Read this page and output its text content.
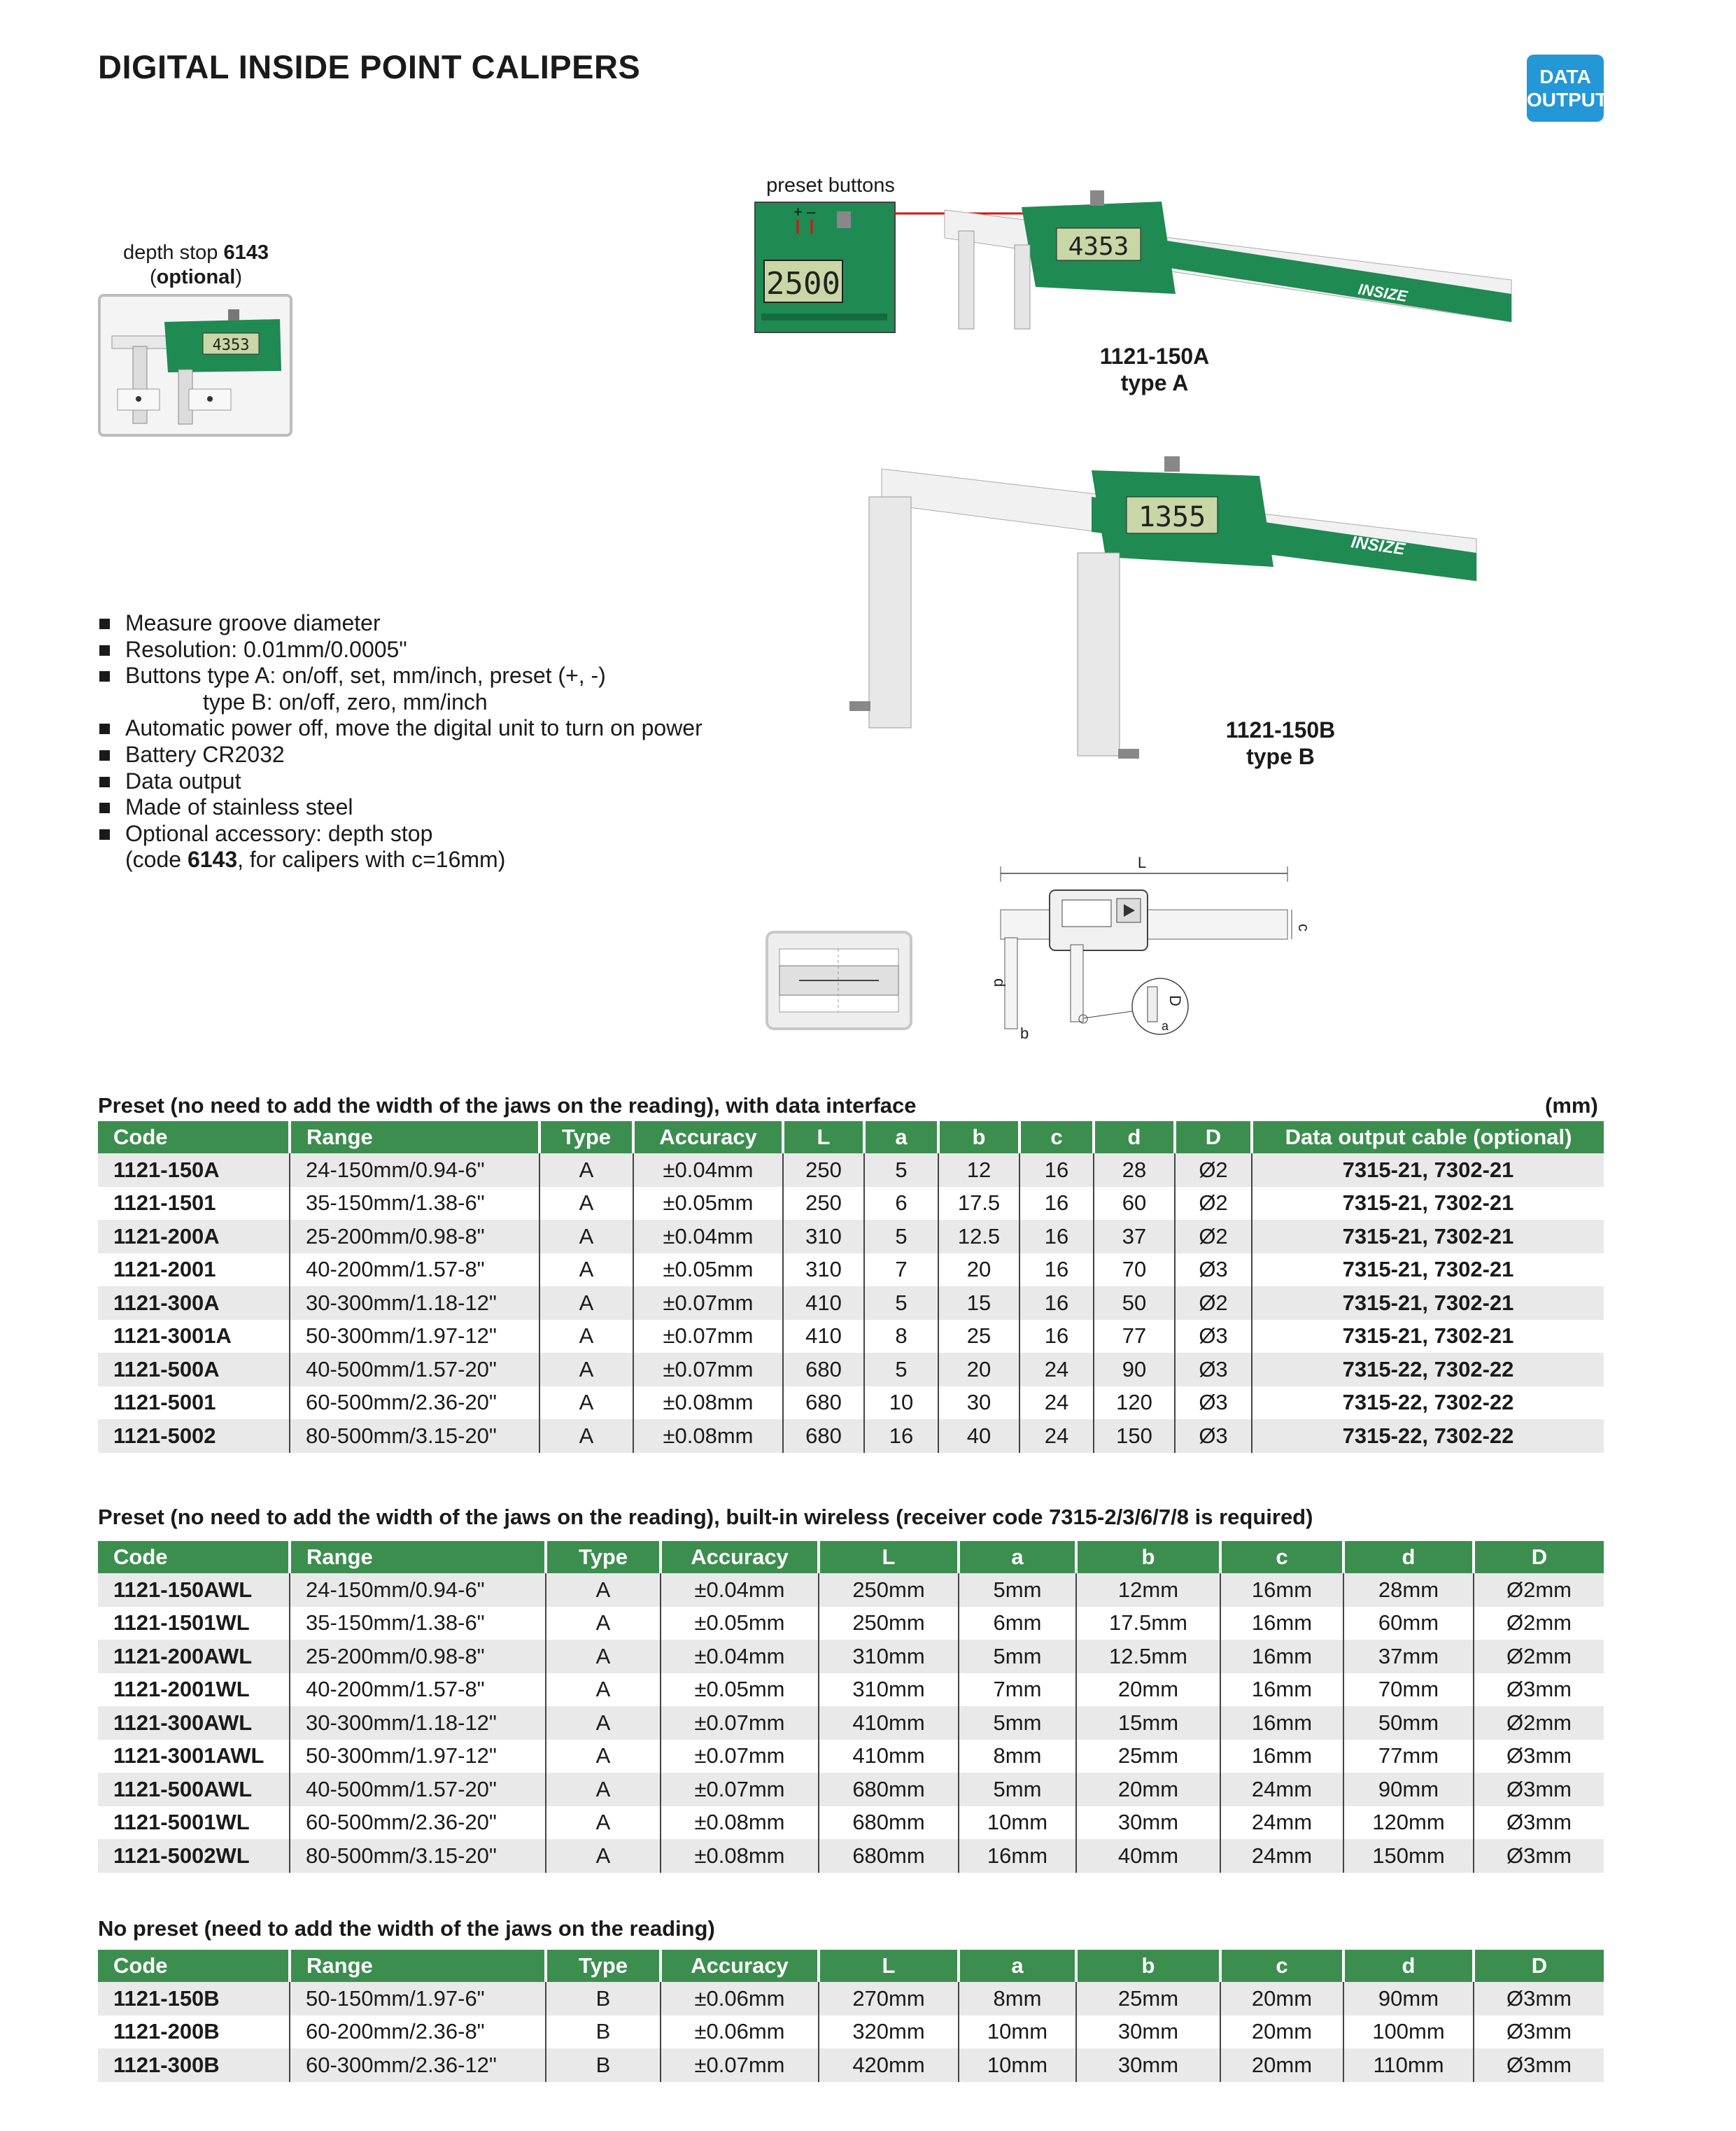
DIGITAL INSIDE POINT CALIPERS	DATA
OUTPUT
depth stop 6143
(optional)
4353
preset buttons
+ –
2500
4353
INSIZE
1121-150A
type A
1355
INSIZE
1121-150B
type B
Measure groove diameter
Resolution: 0.01mm/0.0005"
Buttons type A: on/off, set, mm/inch, preset (+, -)
type B: on/off, zero, mm/inch
Automatic power off, move the digital unit to turn on power
Battery CR2032
Data output
Made of stainless steel
Optional accessory: depth stop
(code
6143 , for calipers with c=16mm)	L
c
d
b
D
a
Preset (no need to add the width of the jaws on the reading), with data interface	(mm)
Code	Range	Type	Accuracy	L	a	b	c	d	D	Data output cable (optional)
1121-150A	24-150mm/0.94-6"	A	±0.04mm	250	5	12	16	28	Ø2	7315-21, 7302-21
1121-1501	35-150mm/1.38-6"	A	±0.05mm	250	6	17.5	16	60	Ø2	7315-21, 7302-21
1121-200A	25-200mm/0.98-8"	A	±0.04mm	310	5	12.5	16	37	Ø2	7315-21, 7302-21
1121-2001	40-200mm/1.57-8"	A	±0.05mm	310	7	20	16	70	Ø3	7315-21, 7302-21
1121-300A	30-300mm/1.18-12"	A	±0.07mm	410	5	15	16	50	Ø2	7315-21, 7302-21
1121-3001A	50-300mm/1.97-12"	A	±0.07mm	410	8	25	16	77	Ø3	7315-21, 7302-21
1121-500A	40-500mm/1.57-20"	A	±0.07mm	680	5	20	24	90	Ø3	7315-22, 7302-22
1121-5001	60-500mm/2.36-20"	A	±0.08mm	680	10	30	24	120	Ø3	7315-22, 7302-22
1121-5002	80-500mm/3.15-20"	A	±0.08mm	680	16	40	24	150	Ø3	7315-22, 7302-22
Preset (no need to add the width of the jaws on the reading), built-in wireless (receiver code 7315-2/3/6/7/8 is required)
Code	Range	Type	Accuracy	L	a	b	c	d	D
1121-150AWL	24-150mm/0.94-6"	A	±0.04mm	250mm	5mm	12mm	16mm	28mm	Ø2mm
1121-1501WL	35-150mm/1.38-6"	A	±0.05mm	250mm	6mm	17.5mm	16mm	60mm	Ø2mm
1121-200AWL	25-200mm/0.98-8"	A	±0.04mm	310mm	5mm	12.5mm	16mm	37mm	Ø2mm
1121-2001WL	40-200mm/1.57-8"	A	±0.05mm	310mm	7mm	20mm	16mm	70mm	Ø3mm
1121-300AWL	30-300mm/1.18-12"	A	±0.07mm	410mm	5mm	15mm	16mm	50mm	Ø2mm
1121-3001AWL	50-300mm/1.97-12"	A	±0.07mm	410mm	8mm	25mm	16mm	77mm	Ø3mm
1121-500AWL	40-500mm/1.57-20"	A	±0.07mm	680mm	5mm	20mm	24mm	90mm	Ø3mm
1121-5001WL	60-500mm/2.36-20"	A	±0.08mm	680mm	10mm	30mm	24mm	120mm	Ø3mm
1121-5002WL	80-500mm/3.15-20"	A	±0.08mm	680mm	16mm	40mm	24mm	150mm	Ø3mm
No preset (need to add the width of the jaws on the reading)
Code	Range	Type	Accuracy	L	a	b	c	d	D
1121-150B	50-150mm/1.97-6"	B	±0.06mm	270mm	8mm	25mm	20mm	90mm	Ø3mm
1121-200B	60-200mm/2.36-8"	B	±0.06mm	320mm	10mm	30mm	20mm	100mm	Ø3mm
1121-300B	60-300mm/2.36-12"	B	±0.07mm	420mm	10mm	30mm	20mm	110mm	Ø3mm
